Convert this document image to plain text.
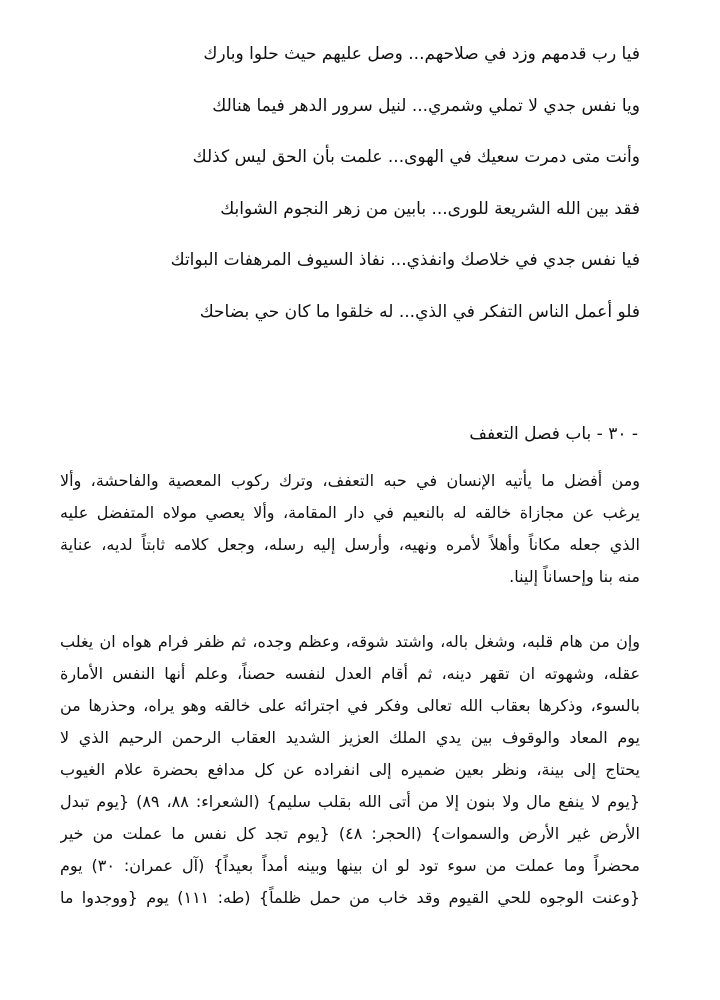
فيا رب قدمهم وزد في صلاحهم... وصل عليهم حيث حلوا وبارك
ويا نفس جدي لا تملي وشمري... لنيل سرور الدهر فيما هنالك
وأنت متى دمرت سعيك في الهوى... علمت بأن الحق ليس كذلك
فقد بين الله الشريعة للورى... بابين من زهر النجوم الشوابك
فيا نفس جدي في خلاصك وانفذي... نفاذ السيوف المرهفات البواتك
فلو أعمل الناس التفكر في الذي... له خلقوا ما كان حي بضاحك
- ٣٠ - باب فصل التعفف

ومن أفضل ما يأتيه الإنسان في حبه التعفف، وترك ركوب المعصية والفاحشة، وألا
يرغب عن مجازاة خالقه له بالنعيم في دار المقامة، وألا يعصي مولاه المتفضل عليه
الذي جعله مكاناً وأهلاً لأمره ونهيه، وأرسل إليه رسله، وجعل كلامه ثابتاً لديه، عناية
منه بنا وإحساناً إلينا.

وإن من هام قلبه، وشغل باله، واشتد شوقه، وعظم وجده، ثم ظفر فرام هواه ان يغلب
عقله، وشهوته ان تقهر دينه، ثم أقام العدل لنفسه حصناً، وعلم أنها النفس الأمارة
بالسوء، وذكرها بعقاب الله تعالى وفكر في اجترائه على خالقه وهو يراه، وحذرها من
يوم المعاد والوقوف بين يدي الملك العزيز الشديد العقاب الرحمن الرحيم الذي لا
يحتاج إلى بينة، ونظر بعين ضميره إلى انفراده عن كل مدافع بحضرة علام الغيوب
{يوم لا ينفع مال ولا بنون إلا من أتى الله بقلب سليم} (الشعراء: ٨٨، ٨٩) {يوم تبدل
الأرض غير الأرض والسموات} (الحجر: ٤٨) {يوم تجد كل نفس ما عملت من خير
محضراً وما عملت من سوء تود لو ان بينها وبينه أمداً بعيداً} (آل عمران: ٣٠) يوم
{وعنت الوجوه للحي القيوم وقد خاب من حمل ظلماً} (طه: ١١١) يوم {ووجدوا ما
